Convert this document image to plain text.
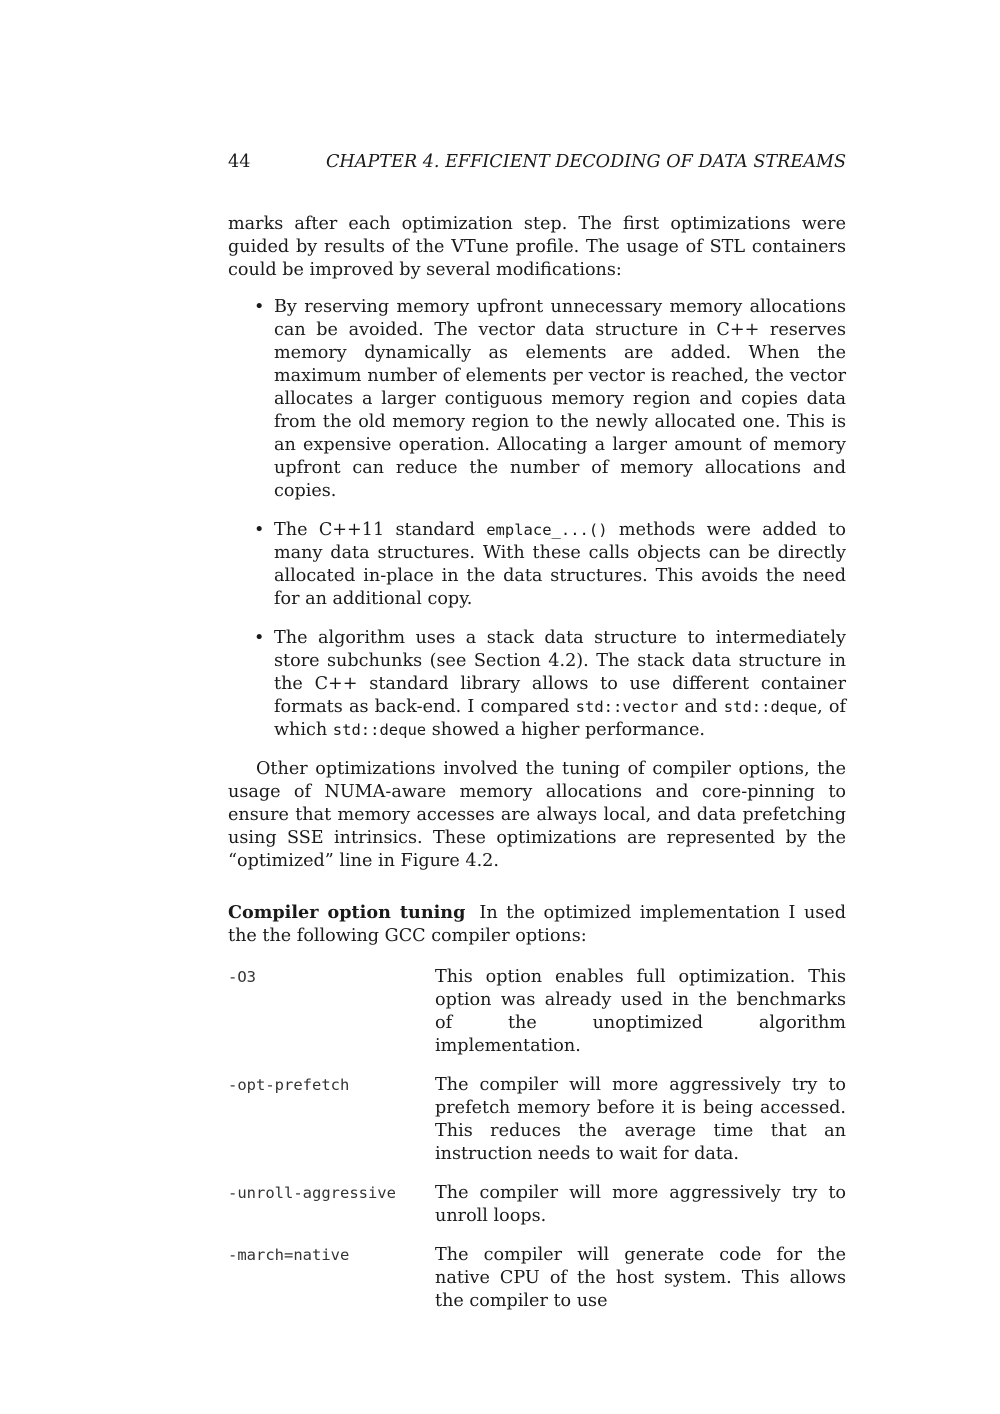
44	CHAPTER 4. EFFICIENT DECODING OF DATA STREAMS

marks after each optimization step. The first optimizations were guided by results of the VTune profile. The usage of STL containers could be improved by several modifications:

• By reserving memory upfront unnecessary memory allocations can be avoided. The vector data structure in C++ reserves memory dynamically as elements are added. When the maximum number of elements per vector is reached, the vector allocates a larger contiguous memory region and copies data from the old memory region to the newly allocated one. This is an expensive operation. Allocating a larger amount of memory upfront can reduce the number of memory allocations and copies.
• The C++11 standard emplace_...() methods were added to many data structures. With these calls objects can be directly allocated in-place in the data structures. This avoids the need for an additional copy.
• The algorithm uses a stack data structure to intermediately store subchunks (see Section 4.2). The stack data structure in the C++ standard library allows to use different container formats as back-end. I compared std::vector and std::deque, of which std::deque showed a higher performance.

Other optimizations involved the tuning of compiler options, the usage of NUMA-aware memory allocations and core-pinning to ensure that memory accesses are always local, and data prefetching using SSE intrinsics. These optimizations are represented by the “optimized” line in Figure 4.2.

Compiler option tuning In the optimized implementation I used the the following GCC compiler options:

-O3	This option enables full optimization. This option was already used in the benchmarks of the unoptimized algorithm implementation.
-opt-prefetch	The compiler will more aggressively try to prefetch memory before it is being accessed. This reduces the average time that an instruction needs to wait for data.
-unroll-aggressive	The compiler will more aggressively try to unroll loops.
-march=native	The compiler will generate code for the native CPU of the host system. This allows the compiler to use
